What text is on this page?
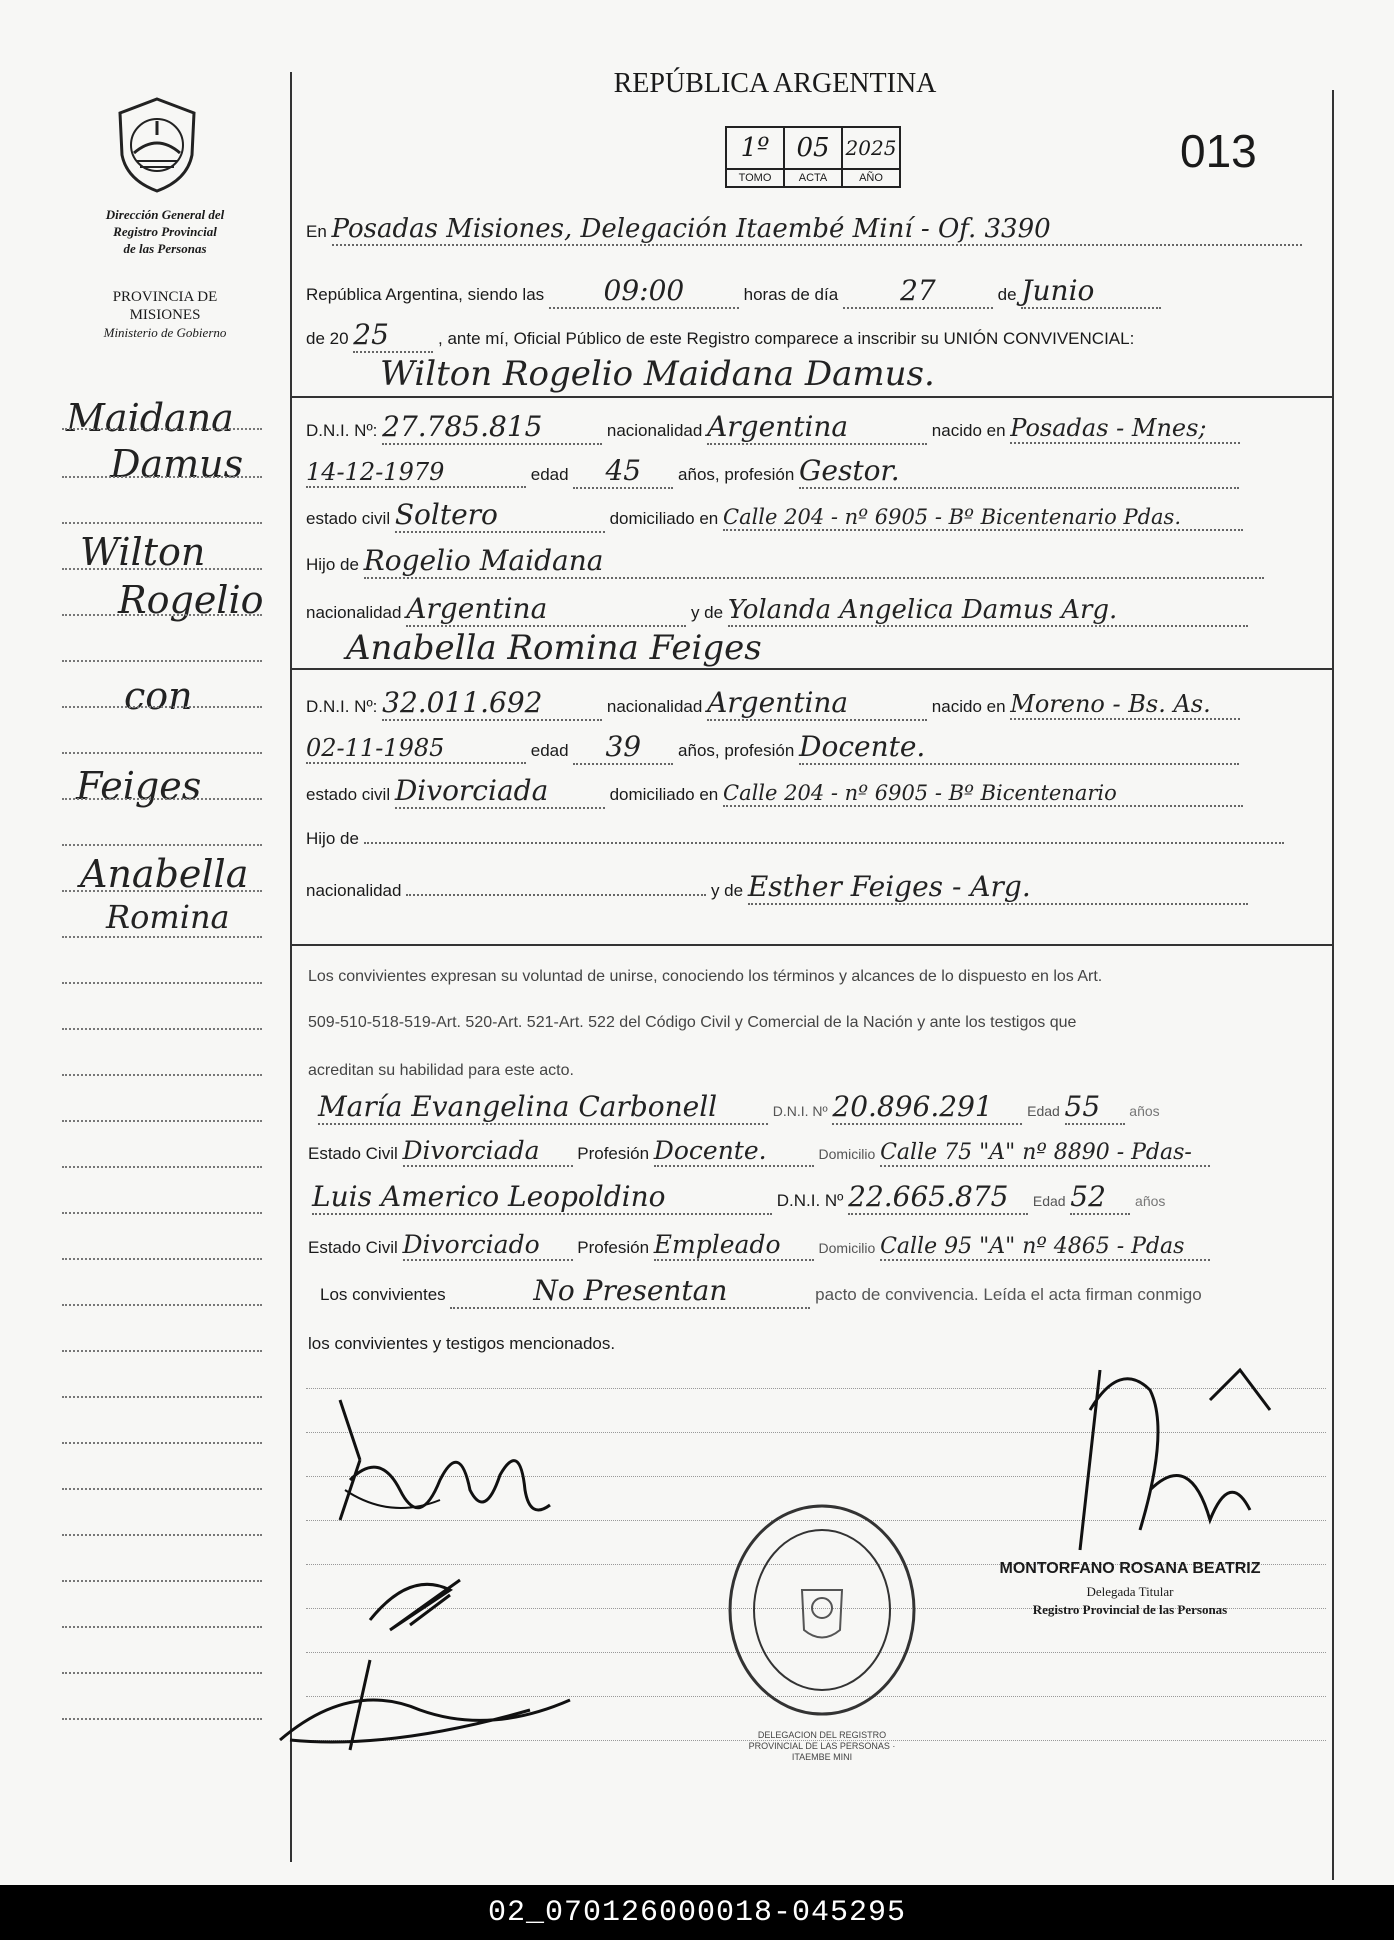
Dirección General del
Registro Provincial
de las Personas
PROVINCIA DE
MISIONES
Ministerio de Gobierno
Maidana
Damus
Wilton
Rogelio
con
Feiges
Anabella
Romina
REPÚBLICA ARGENTINA
013
1º
TOMO
05
ACTA
2025
AÑO
En Posadas Misiones, Delegación Itaembé Miní - Of. 3390
República Argentina, siendo las 09:00	horas de día 27	de Junio
de 20 25	, ante mí, Oficial Público de este Registro comparece a inscribir su UNIÓN CONVIVENCIAL:
Wilton Rogelio Maidana Damus.
D.N.I. Nº: 27.785.815	nacionalidad Argentina	nacido en Posadas - Mnes;
14-12-1979	edad 45 años, profesión Gestor.
estado civil Soltero	domiciliado en Calle 204 - nº 6905 - Bº Bicentenario Pdas.
Hijo de Rogelio Maidana
nacionalidad Argentina	y de Yolanda Angelica Damus Arg.
Anabella Romina Feiges
D.N.I. Nº: 32.011.692	nacionalidad Argentina	nacido en Moreno - Bs. As.
02-11-1985	edad 39 años, profesión Docente.
estado civil Divorciada	domiciliado en Calle 204 - nº 6905 - Bº Bicentenario
Hijo de
nacionalidad	y de Esther Feiges - Arg.
Los convivientes expresan su voluntad de unirse, conociendo los términos y alcances de lo dispuesto en los Art.
509-510-518-519-Art. 520-Art. 521-Art. 522 del Código Civil y Comercial de la Nación y ante los testigos que
acreditan su habilidad para este acto.
María Evangelina Carbonell	D.N.I. Nº 20.896.291 Edad 55 años
Estado Civil Divorciada Profesión Docente.	Domicilio Calle 75 "A" nº 8890 - Pdas-
Luis Americo Leopoldino	D.N.I. Nº 22.665.875 Edad 52 años
Estado Civil Divorciado Profesión Empleado	Domicilio Calle 95 "A" nº 4865 - Pdas
Los convivientes	No Presentan	pacto de convivencia. Leída el acta firman conmigo
los convivientes y testigos mencionados.
DELEGACION DEL REGISTRO PROVINCIAL DE LAS PERSONAS · ITAEMBE MINI
MONTORFANO ROSANA BEATRIZ
Delegada Titular
Registro Provincial de las Personas
02_070126000018-045295
